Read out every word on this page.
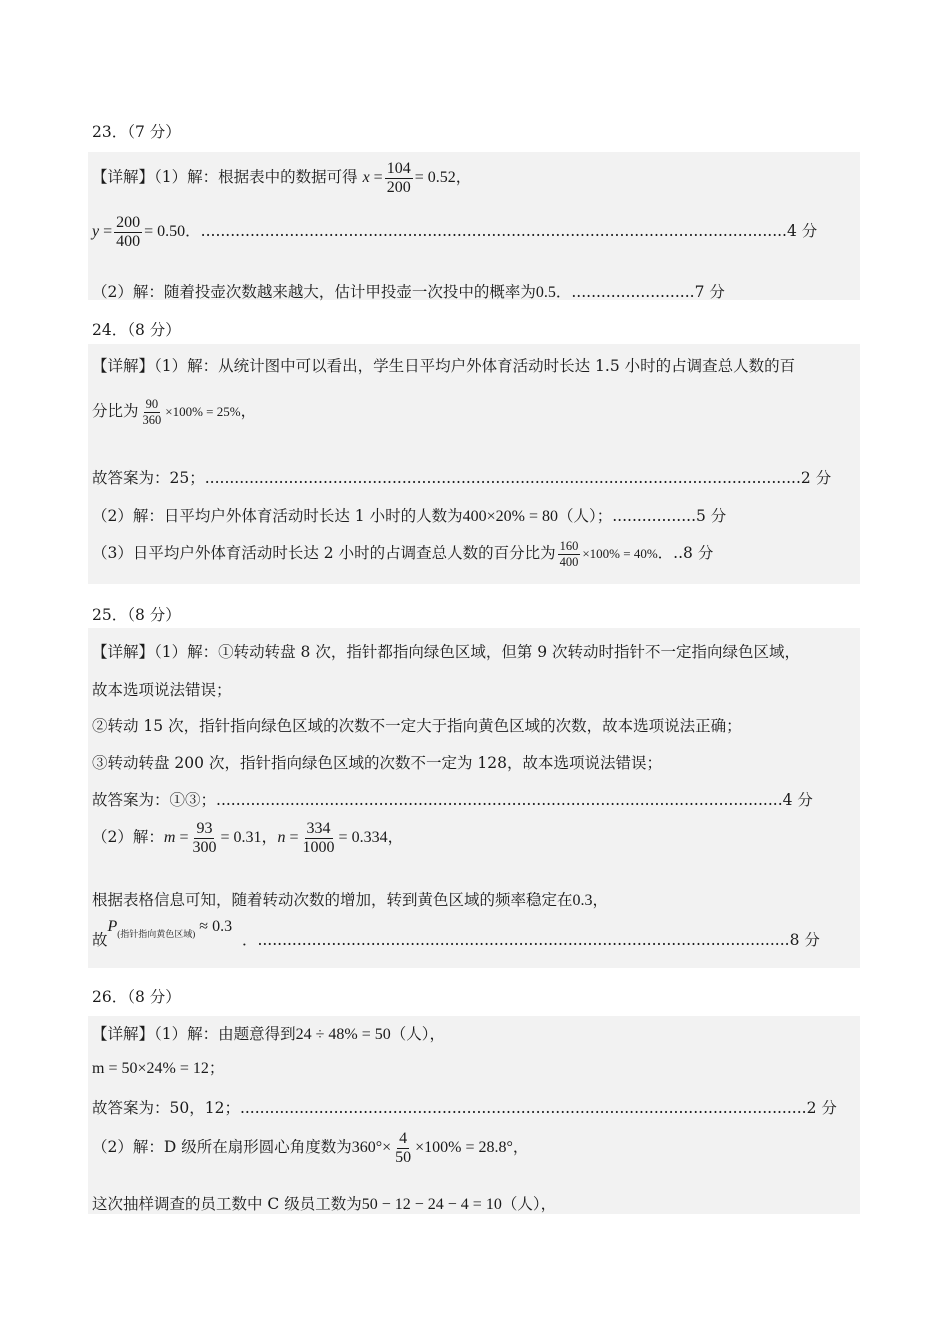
23．（7 分）
【详解】（1）解：根据表中的数据可得 $x = \frac{104}{200} = 0.52$，
$y = \frac{200}{400} = 0.50$．.......................................................................................................................4 分
（2）解：随着投壶次数越来越大，估计甲投壶一次投中的概率为0.5．.........................7 分
24．（8 分）
【详解】（1）解：从统计图中可以看出，学生日平均户外体育活动时长达 1.5 小时的占调查总人数的百
分比为 $\frac{90}{360} \times 100\% = 25\%$，
故答案为：25；.........................................................................................................................2 分
（2）解：日平均户外体育活动时长达 1 小时的人数为400×20% = 80（人）；.................5 分
（3）日平均户外体育活动时长达 2 小时的占调查总人数的百分比为 $\frac{160}{400} \times 100\% = 40\%$．..8 分
25．（8 分）
【详解】（1）解：①转动转盘 8 次，指针都指向绿色区域，但第 9 次转动时指针不一定指向绿色区域，
故本选项说法错误；
②转动 15 次，指针指向绿色区域的次数不一定大于指向黄色区域的次数，故本选项说法正确；
③转动转盘 200 次，指针指向绿色区域的次数不一定为 128，故本选项说法错误；
故答案为：①③；...................................................................................................................4 分
（2）解：$m = \frac{93}{300} = 0.31$，$n = \frac{334}{1000} = 0.334$，
根据表格信息可知，随着转动次数的增加，转到黄色区域的频率稳定在0.3，
故$P_{(指针指向黄色区域)} \approx 0.3$  ．............................................................................................................8 分
26．（8 分）
【详解】（1）解：由题意得到24 ÷ 48% = 50（人），
m = 50×24% = 12；
故答案为：50，12；...................................................................................................................2 分
（2）解：D 级所在扇形圆心角度数为$360^\circ\times \frac{4}{50} \times 100\% = 28.8^\circ$，
这次抽样调查的员工数中 C 级员工数为50 − 12 − 24 − 4 = 10（人），
